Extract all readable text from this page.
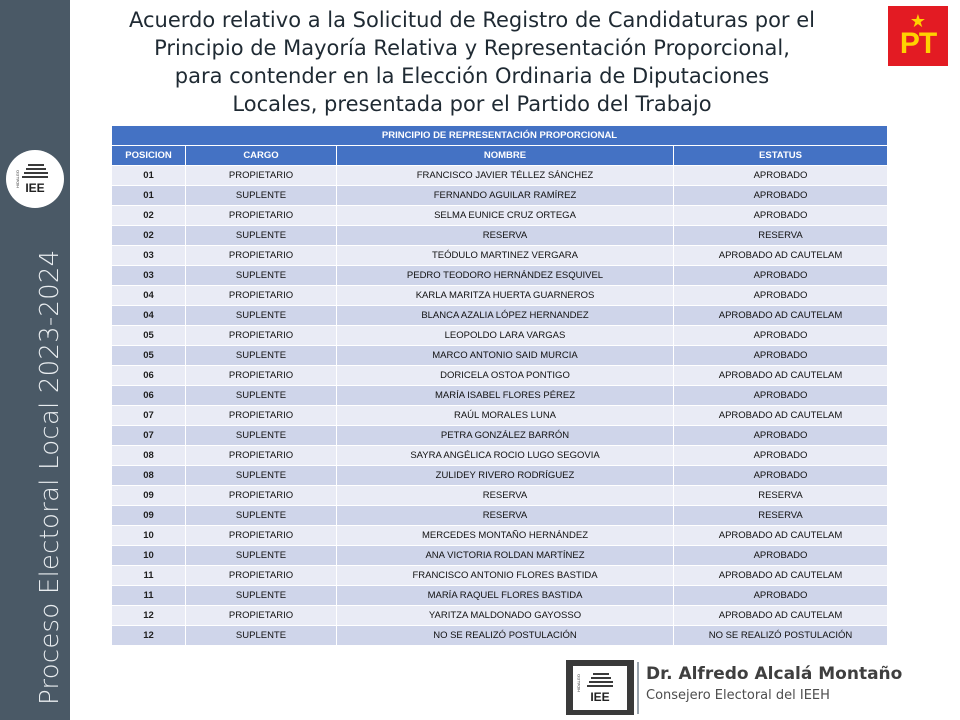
HIDALGO IEE
Proceso Electoral Local 2023-2024
Acuerdo relativo a la Solicitud de Registro de Candidaturas por el
Principio de Mayoría Relativa y Representación Proporcional,
para contender en la Elección Ordinaria de Diputaciones
Locales, presentada por el Partido del Trabajo
★
PT
PRINCIPIO DE REPRESENTACIÓN PROPORCIONAL			
POSICION	CARGO	NOMBRE	ESTATUS
01	PROPIETARIO	FRANCISCO JAVIER TÉLLEZ SÁNCHEZ	APROBADO
01	SUPLENTE	FERNANDO AGUILAR RAMÍREZ	APROBADO
02	PROPIETARIO	SELMA EUNICE CRUZ ORTEGA	APROBADO
02	SUPLENTE	RESERVA	RESERVA
03	PROPIETARIO	TEÓDULO MARTINEZ VERGARA	APROBADO AD CAUTELAM
03	SUPLENTE	PEDRO TEODORO HERNÁNDEZ ESQUIVEL	APROBADO
04	PROPIETARIO	KARLA MARITZA HUERTA GUARNEROS	APROBADO
04	SUPLENTE	BLANCA AZALIA LÓPEZ HERNANDEZ	APROBADO AD CAUTELAM
05	PROPIETARIO	LEOPOLDO LARA VARGAS	APROBADO
05	SUPLENTE	MARCO ANTONIO SAID MURCIA	APROBADO
06	PROPIETARIO	DORICELA OSTOA PONTIGO	APROBADO AD CAUTELAM
06	SUPLENTE	MARÍA ISABEL FLORES PÉREZ	APROBADO
07	PROPIETARIO	RAÚL MORALES LUNA	APROBADO AD CAUTELAM
07	SUPLENTE	PETRA GONZÁLEZ BARRÓN	APROBADO
08	PROPIETARIO	SAYRA ANGÉLICA ROCIO LUGO SEGOVIA	APROBADO
08	SUPLENTE	ZULIDEY RIVERO RODRÍGUEZ	APROBADO
09	PROPIETARIO	RESERVA	RESERVA
09	SUPLENTE	RESERVA	RESERVA
10	PROPIETARIO	MERCEDES MONTAÑO HERNÁNDEZ	APROBADO AD CAUTELAM
10	SUPLENTE	ANA VICTORIA ROLDAN MARTÍNEZ	APROBADO
11	PROPIETARIO	FRANCISCO ANTONIO FLORES BASTIDA	APROBADO AD CAUTELAM
11	SUPLENTE	MARÍA RAQUEL FLORES BASTIDA	APROBADO
12	PROPIETARIO	YARITZA MALDONADO GAYOSSO	APROBADO AD CAUTELAM
12	SUPLENTE	NO SE REALIZÓ POSTULACIÓN	NO SE REALIZÓ POSTULACIÓN
HIDALGO
IEE
Dr. Alfredo Alcalá Montaño
Consejero Electoral del IEEH
